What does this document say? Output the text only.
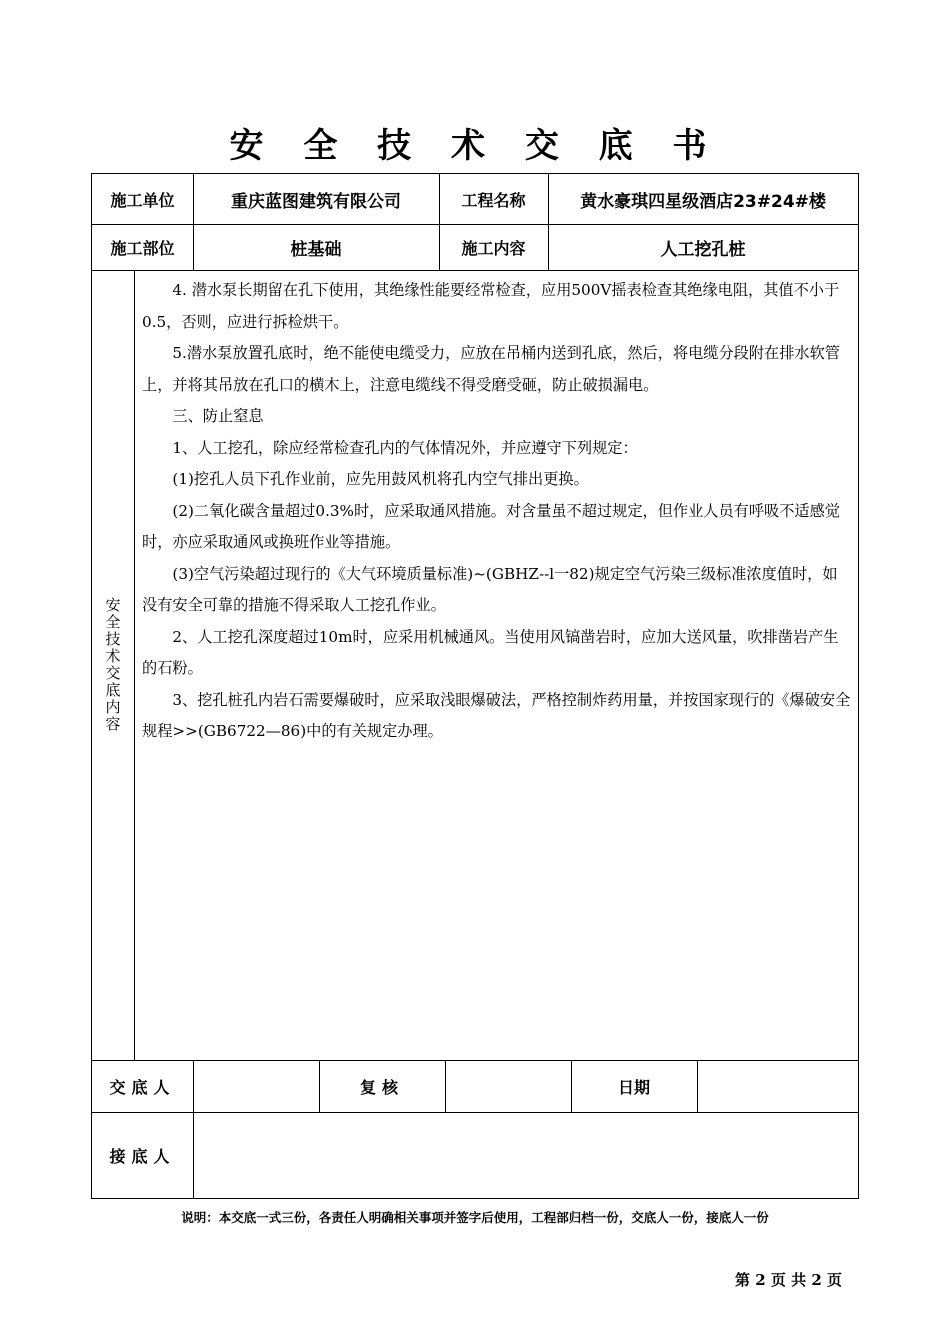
安 全 技 术 交 底 书
施工单位	重庆蓝图建筑有限公司	工程名称	黄水豪琪四星级酒店23#24#楼
施工部位	桩基础	施工内容	人工挖孔桩
安全技术交底内容

4. 潜水泵长期留在孔下使用，其绝缘性能要经常检查，应用500V摇表检查其绝缘电阻，其值不小于0.5，否则，应进行拆检烘干。

5.潜水泵放置孔底时，绝不能使电缆受力，应放在吊桶内送到孔底，然后，将电缆分段附在排水软管上，并将其吊放在孔口的横木上，注意电缆线不得受磨受砸，防止破损漏电。

三、防止窒息

1、人工挖孔，除应经常检查孔内的气体情况外，并应遵守下列规定：

(1)挖孔人员下孔作业前，应先用鼓风机将孔内空气排出更换。

(2)二氧化碳含量超过0.3%时，应采取通风措施。对含量虽不超过规定，但作业人员有呼吸不适感觉时，亦应采取通风或换班作业等措施。

(3)空气污染超过现行的《大气环境质量标准)~(GBHZ--l一82)规定空气污染三级标准浓度值时，如没有安全可靠的措施不得采取人工挖孔作业。

2、人工挖孔深度超过10m时，应采用机械通风。当使用风镐凿岩时，应加大送风量，吹排凿岩产生的石粉。

3、挖孔桩孔内岩石需要爆破时，应采取浅眼爆破法，严格控制炸药用量，并按国家现行的《爆破安全规程>>(GB6722—86)中的有关规定办理。

交底人	复核	日期
接底人
说明：本交底一式三份，各责任人明确相关事项并签字后使用，工程部归档一份，交底人一份，接底人一份
第 2 页 共 2 页
